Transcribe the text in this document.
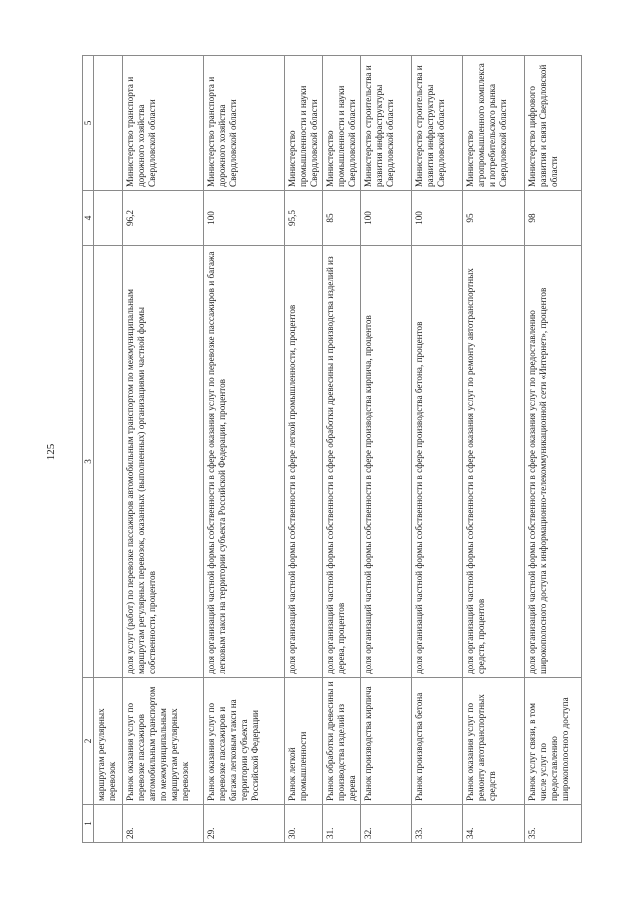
125
1	2	3	4	5
	маршрутам регулярных перевозок			
28.	Рынок оказания услуг по перевозке пассажиров автомобильным транспортом по межмуниципальным маршрутам регулярных перевозок	доля услуг (работ) по перевозке пассажиров автомобильным транспортом по межмуниципальным маршрутам регулярных перевозок, оказанных (выполненных) организациями частной формы собственности, процентов	96,2	Министерство транспорта и дорожного хозяйства Свердловской области
29.	Рынок оказания услуг по перевозке пассажиров и багажа легковым такси на территории субъекта Российской Федерации	доля организаций частной формы собственности в сфере оказания услуг по перевозке пассажиров и багажа легковым такси на территории субъекта Российской Федерации, процентов	100	Министерство транспорта и дорожного хозяйства Свердловской области
30.	Рынок легкой промышленности	доля организаций частной формы собственности в сфере легкой промышленности, процентов	95,5	Министерство промышленности и науки Свердловской области
31.	Рынок обработки древесины и производства изделий из дерева	доля организаций частной формы собственности в сфере обработки древесины и производства изделий из дерева, процентов	85	Министерство промышленности и науки Свердловской области
32.	Рынок производства кирпича	доля организаций частной формы собственности в сфере производства кирпича, процентов	100	Министерство строительства и развития инфраструктуры Свердловской области
33.	Рынок производства бетона	доля организаций частной формы собственности в сфере производства бетона, процентов	100	Министерство строительства и развития инфраструктуры Свердловской области
34.	Рынок оказания услуг по ремонту автотранспортных средств	доля организаций частной формы собственности в сфере оказания услуг по ремонту автотранспортных средств, процентов	95	Министерство агропромышленного комплекса и потребительского рынка Свердловской области
35.	Рынок услуг связи, в том числе услуг по предоставлению широкополосного доступа	доля организаций частной формы собственности в сфере оказания услуг по предоставлению широкополосного доступа к информационно-телекоммуникационной сети «Интернет», процентов	98	Министерство цифрового развития и связи Свердловской области
